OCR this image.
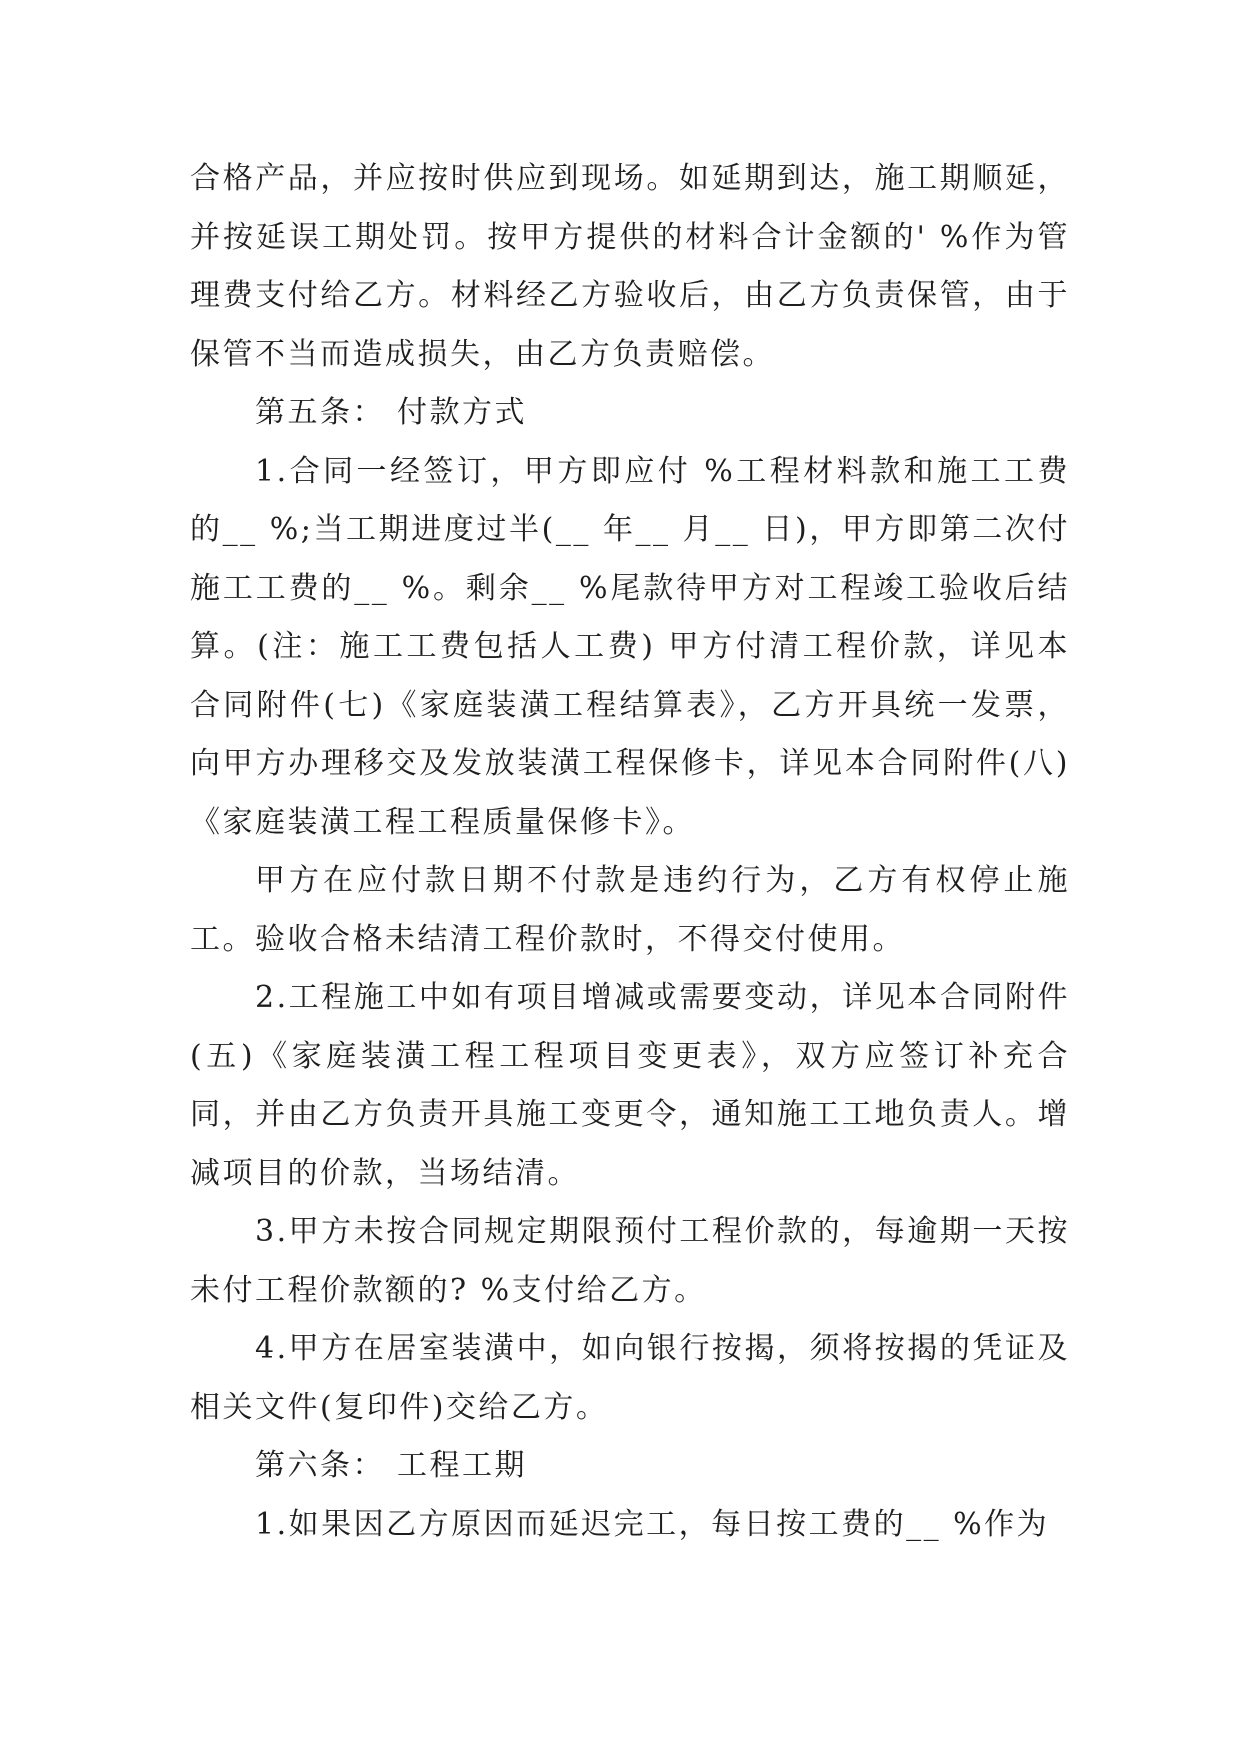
合格产品，并应按时供应到现场。如延期到达，施工期顺延，并按延误工期处罚。按甲方提供的材料合计金额的' %作为管理费支付给乙方。材料经乙方验收后，由乙方负责保管，由于保管不当而造成损失，由乙方负责赔偿。

第五条： 付款方式

1.合同一经签订，甲方即应付 %工程材料款和施工工费的__ %;当工期进度过半(__ 年__ 月__ 日)，甲方即第二次付施工工费的__ %。剩余__ %尾款待甲方对工程竣工验收后结算。(注：施工工费包括人工费) 甲方付清工程价款，详见本合同附件(七)《家庭装潢工程结算表》，乙方开具统一发票，向甲方办理移交及发放装潢工程保修卡，详见本合同附件(八)《家庭装潢工程工程质量保修卡》。

甲方在应付款日期不付款是违约行为，乙方有权停止施工。验收合格未结清工程价款时，不得交付使用。

2.工程施工中如有项目增减或需要变动，详见本合同附件(五)《家庭装潢工程工程项目变更表》，双方应签订补充合同，并由乙方负责开具施工变更令，通知施工工地负责人。增减项目的价款，当场结清。

3.甲方未按合同规定期限预付工程价款的，每逾期一天按未付工程价款额的? %支付给乙方。

4.甲方在居室装潢中，如向银行按揭，须将按揭的凭证及相关文件(复印件)交给乙方。

第六条： 工程工期

1.如果因乙方原因而延迟完工，每日按工费的__ %作为
